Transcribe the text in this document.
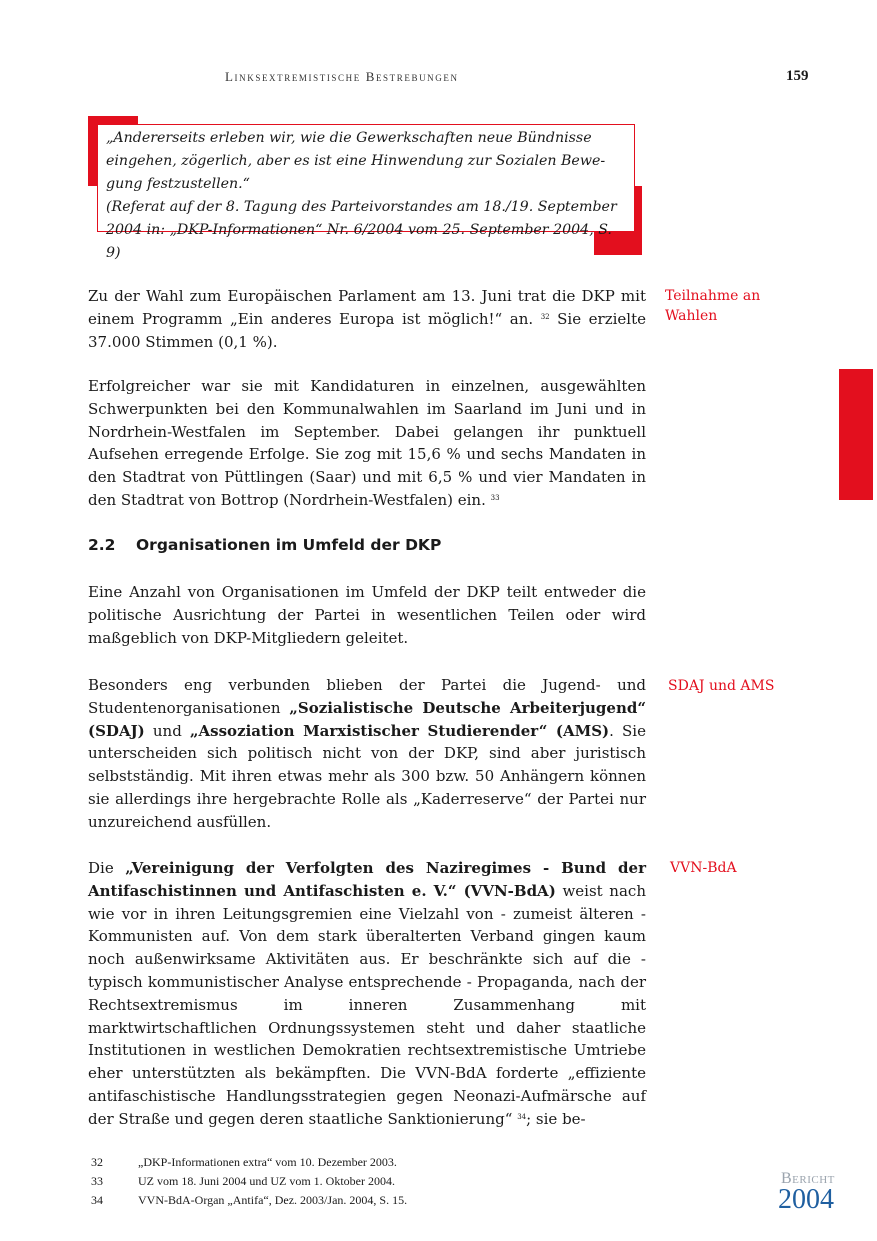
Linksextremistische Bestrebungen	159

„Andererseits erleben wir, wie die Gewerkschaften neue Bündnisse

eingehen, zögerlich, aber es ist eine Hinwendung zur Sozialen Bewe-

gung festzustellen.“

(Referat auf der 8. Tagung des Parteivorstandes am 18./19. September

2004 in: „DKP-Informationen“ Nr. 6/2004 vom 25. September 2004, S. 9)

Teilnahme an
Wahlen
SDAJ und AMS
VVN-BdA

Zu der Wahl zum Europäischen Parlament am 13. Juni trat die DKP mit einem Programm „Ein anderes Europa ist möglich!“ an. $^{32}$ Sie erzielte 37.000 Stimmen (0,1 %).

Erfolgreicher war sie mit Kandidaturen in einzelnen, ausgewählten Schwerpunkten bei den Kommunalwahlen im Saarland im Juni und in Nordrhein-Westfalen im September. Dabei gelangen ihr punktuell Aufsehen erregende Erfolge. Sie zog mit 15,6 % und sechs Mandaten in den Stadtrat von Püttlingen (Saar) und mit 6,5 % und vier Mandaten in den Stadtrat von Bottrop (Nordrhein-Westfalen) ein. $^{33}$

2.2 Organisationen im Umfeld der DKP

Eine Anzahl von Organisationen im Umfeld der DKP teilt entweder die politische Ausrichtung der Partei in wesentlichen Teilen oder wird maßgeblich von DKP-Mitgliedern geleitet.

Besonders eng verbunden blieben der Partei die Jugend- und Studentenorganisationen „Sozialistische Deutsche Arbeiterjugend“ (SDAJ) und „Assoziation Marxistischer Studierender“ (AMS). Sie unterscheiden sich politisch nicht von der DKP, sind aber juristisch selbstständig. Mit ihren etwas mehr als 300 bzw. 50 Anhängern können sie allerdings ihre hergebrachte Rolle als „Kaderreserve“ der Partei nur unzureichend ausfüllen.

Die „Vereinigung der Verfolgten des Naziregimes - Bund der Antifaschistinnen und Antifaschisten e. V.“ (VVN-BdA) weist nach wie vor in ihren Leitungsgremien eine Vielzahl von - zumeist älteren - Kommunisten auf. Von dem stark überalterten Verband gingen kaum noch außenwirksame Aktivitäten aus. Er beschränkte sich auf die - typisch kommunistischer Analyse entsprechende - Propaganda, nach der Rechtsextremismus im inneren Zusammenhang mit marktwirtschaftlichen Ordnungssystemen steht und daher staatliche Institutionen in westlichen Demokratien rechtsextremistische Umtriebe eher unterstützten als bekämpften. Die VVN-BdA forderte „effiziente antifaschistische Handlungsstrategien gegen Neonazi-Aufmärsche auf der Straße und gegen deren staatliche Sanktionierung“ $^{34}$; sie be-

32	„DKP-Informationen extra“ vom 10. Dezember 2003.
33	UZ vom 18. Juni 2004 und UZ vom 1. Oktober 2004.
34	VVN-BdA-Organ „Antifa“, Dez. 2003/Jan. 2004, S. 15.
Bericht
2004
